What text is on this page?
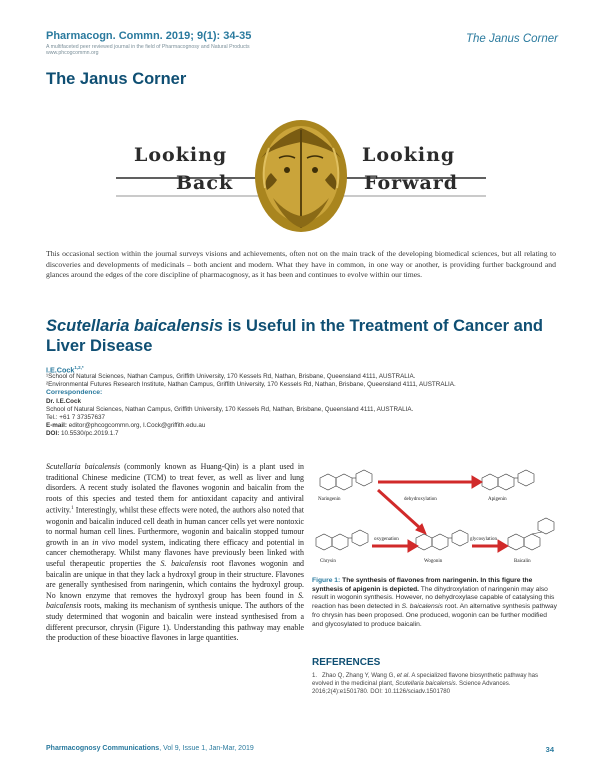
Pharmacogn. Commn. 2019; 9(1): 34-35
A multifaceted peer reviewed journal in the field of Pharmacognosy and Natural Products
www.phcogcommn.org
The Janus Corner
The Janus Corner
Looking
Back
Looking
Forward
This occasional section within the journal surveys visions and achievements, often not on the main track of the developing biomedical sciences, but all relating to discoveries and developments of medicinals – both ancient and modern. What they have in common, in one way or another, is providing further background and glances around the edges of the core discipline of pharmacognosy, as it has been and continues to evolve within our times.
Scutellaria baicalensis is Useful in the Treatment of Cancer and Liver Disease
I.E.Cock$^{1,2,*}$
¹School of Natural Sciences, Nathan Campus, Griffith University, 170 Kessels Rd, Nathan, Brisbane, Queensland 4111, AUSTRALIA.
²Environmental Futures Research Institute, Nathan Campus, Griffith University, 170 Kessels Rd, Nathan, Brisbane, Queensland 4111, AUSTRALIA.
Correspondence:
Dr. I.E.Cock
School of Natural Sciences, Nathan Campus, Griffith University, 170 Kessels Rd, Nathan, Brisbane, Queensland 4111, AUSTRALIA.
Tel.: +61 7 37357637
E-mail: editor@phcogcommn.org, I.Cock@griffith.edu.au
DOI: 10.5530/pc.2019.1.7
Scutellaria baicalensis (commonly known as Huang-Qin) is a plant used in traditional Chinese medicine (TCM) to treat fever, as well as liver and lung disorders. A recent study isolated the flavones wogonin and baicalin from the roots of this species and tested them for antioxidant capacity and antiviral activity.$^1$ Interestingly, whilst these effects were noted, the authors also noted that wogonin and baicalin induced cell death in human cancer cells yet were nontoxic to normal human cell lines. Furthermore, wogonin and baicalin stopped tumour growth in an in vivo model system, indicating there efficacy and potential in cancer chemotherapy. Whilst many flavones have previously been linked with useful therapeutic properties the S. baicalensis root flavones wogonin and baicalin are unique in that they lack a hydroxyl group in their structure. Flavones are generally synthesised from naringenin, which contains the hydroxyl group. No known enzyme that removes the hydroxyl group has been found in S. baicalensis roots, making its mechanism of synthesis unique. The authors of the study determined that wogonin and baicalin were instead synthesised from a different precursor, chrysin (Figure 1). Understanding this pathway may enable the production of these bioactive flavones in large quantities.
Naringenin	dehydroxylation	Apigenin
Chrysin
oxygenation
Wogonin
glycosylation
Baicalin
Figure 1: The synthesis of flavones from naringenin. In this figure the synthesis of apigenin is depicted. The dihydroxylation of naringenin may also result in wogonin synthesis. However, no dehydroxylase capable of catalysing this reaction has been detected in S. baicalensis root. An alternative synthesis pathway fro chrysin has been proposed. One produced, wogonin can be further modified and glycosylated to produce baicalin.
REFERENCES
1. Zhao Q, Zhang Y, Wang G, et al. A specialized flavone biosynthetic pathway has evolved in the medicinal plant, Scutellaria baicalensis. Science Advances. 2016;2(4):e1501780. DOI: 10.1126/sciadv.1501780
Pharmacognosy Communications, Vol 9, Issue 1, Jan-Mar, 2019	34
